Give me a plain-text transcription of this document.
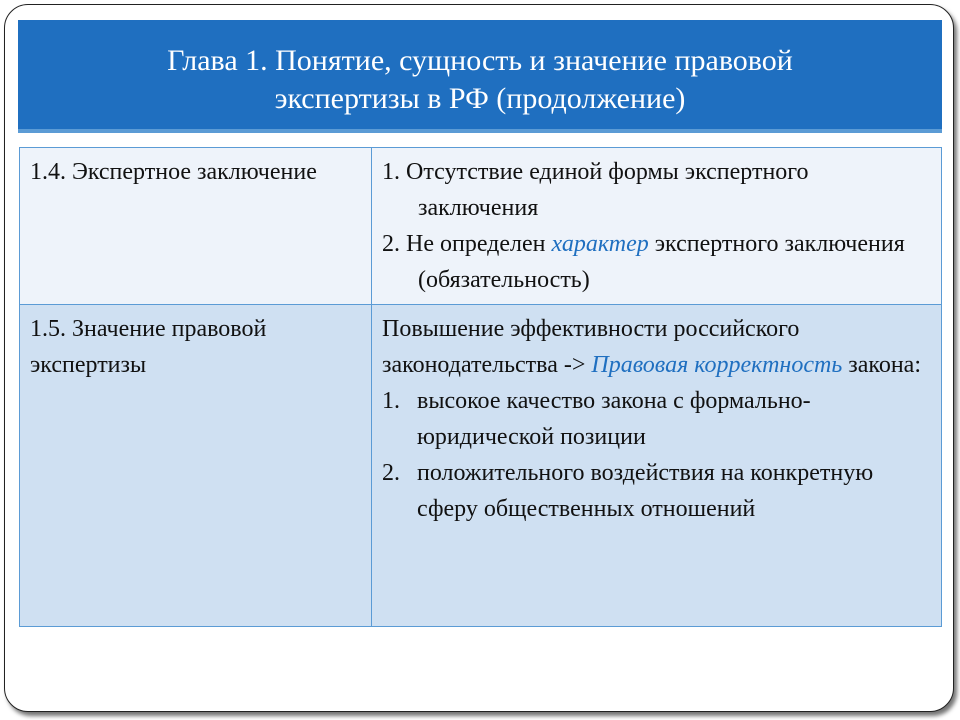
Глава 1. Понятие, сущность и значение правовой
экспертизы в РФ (продолжение)
1.4. Экспертное заключение	1. Отсутствие единой формы экспертного заключения
2. Не определен характер экспертного заключения (обязательность)

1.5. Значение правовой экспертизы	Повышение эффективности российского законодательства -> Правовая корректность закона:
1. высокое качество закона с формально-юридической позиции
2. положительного воздействия на конкретную сферу общественных отношений
